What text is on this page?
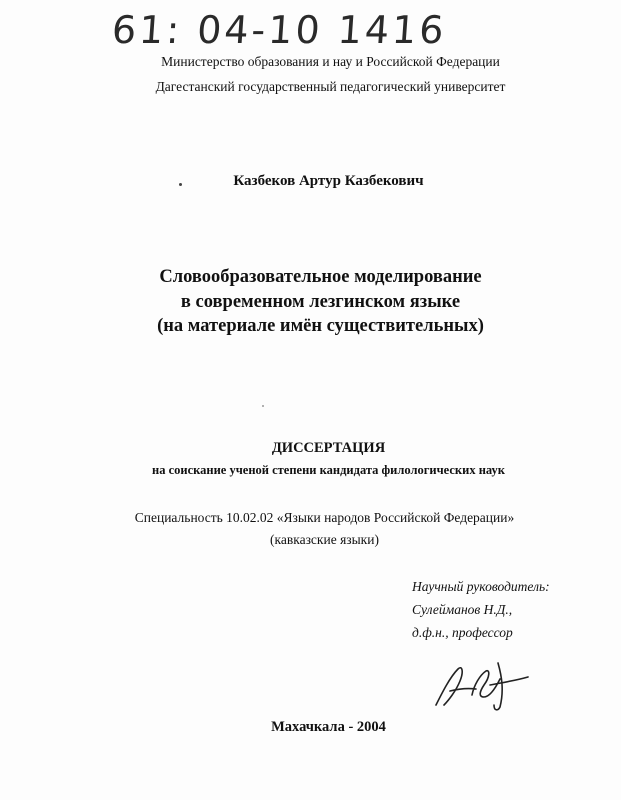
61: 04-10 1416
Министерство образования и нау и Российской Федерации
Дагестанский государственный педагогический университет
Казбеков Артур Казбекович
Словообразовательное моделирование
в современном лезгинском языке
(на материале имён существительных)
ДИССЕРТАЦИЯ
на соискание ученой степени кандидата филологических наук
Специальность 10.02.02 «Языки народов Российской Федерации»
(кавказские языки)
Научный руководитель:
Сулейманов Н.Д.,
д.ф.н., профессор
Махачкала - 2004
